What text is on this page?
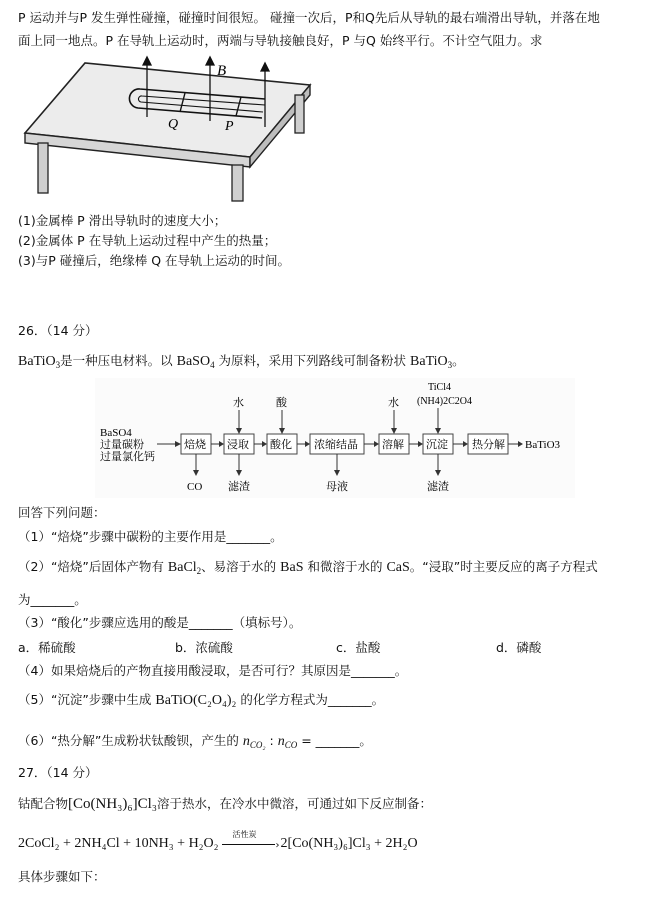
P 运动并与P 发生弹性碰撞，碰撞时间很短。 碰撞一次后，P和Q先后从导轨的最右端滑出导轨，并落在地
面上同一地点。P 在导轨上运动时，两端与导轨接触良好，P 与Q 始终平行。不计空气阻力。求
B
Q	P
(1)金属棒 P 滑出导轨时的速度大小；
(2)金属体 P 在导轨上运动过程中产生的热量；
(3)与P 碰撞后，绝缘棒 Q 在导轨上运动的时间。
26．（14 分）
BaTiO$_3$是一种压电材料。以 BaSO$_4$ 为原料，采用下列路线可制备粉状 BaTiO$_3$。
BaSO4
过量碳粉
过量氯化钙
焙烧 浸取 酸化 浓缩结晶 溶解 沉淀 热分解 BaTiO3
水	酸	水
TiCl4
(NH4)2C2O4
CO 滤渣	母液	滤渣
回答下列问题：
（1）“焙烧”步骤中碳粉的主要作用是_______。
（2）“焙烧”后固体产物有 BaCl$_2$、易溶于水的 BaS 和微溶于水的 CaS。“浸取”时主要反应的离子方程式
为_______。
（3）“酸化”步骤应选用的酸是_______（填标号）。
a．稀硫酸	b．浓硫酸	c．盐酸	d．磷酸
（4）如果焙烧后的产物直接用酸浸取，是否可行？其原因是_______。
（5）“沉淀”步骤中生成 BaTiO(C₂O₄)₂ 的化学方程式为_______。
（6）“热分解”生成粉状钛酸钡，产生的 $n_{CO_2}$ : $n_{CO}$ = _______。
27．（14 分）
钴配合物[Co(NH₃)₆]Cl₃溶于热水，在冷水中微溶，可通过如下反应制备：
2CoCl₂ + 2NH₄Cl + 10NH₃ + H₂O₂
活性炭
› 2[Co(NH₃)₆]Cl₃ + 2H₂O
具体步骤如下：
